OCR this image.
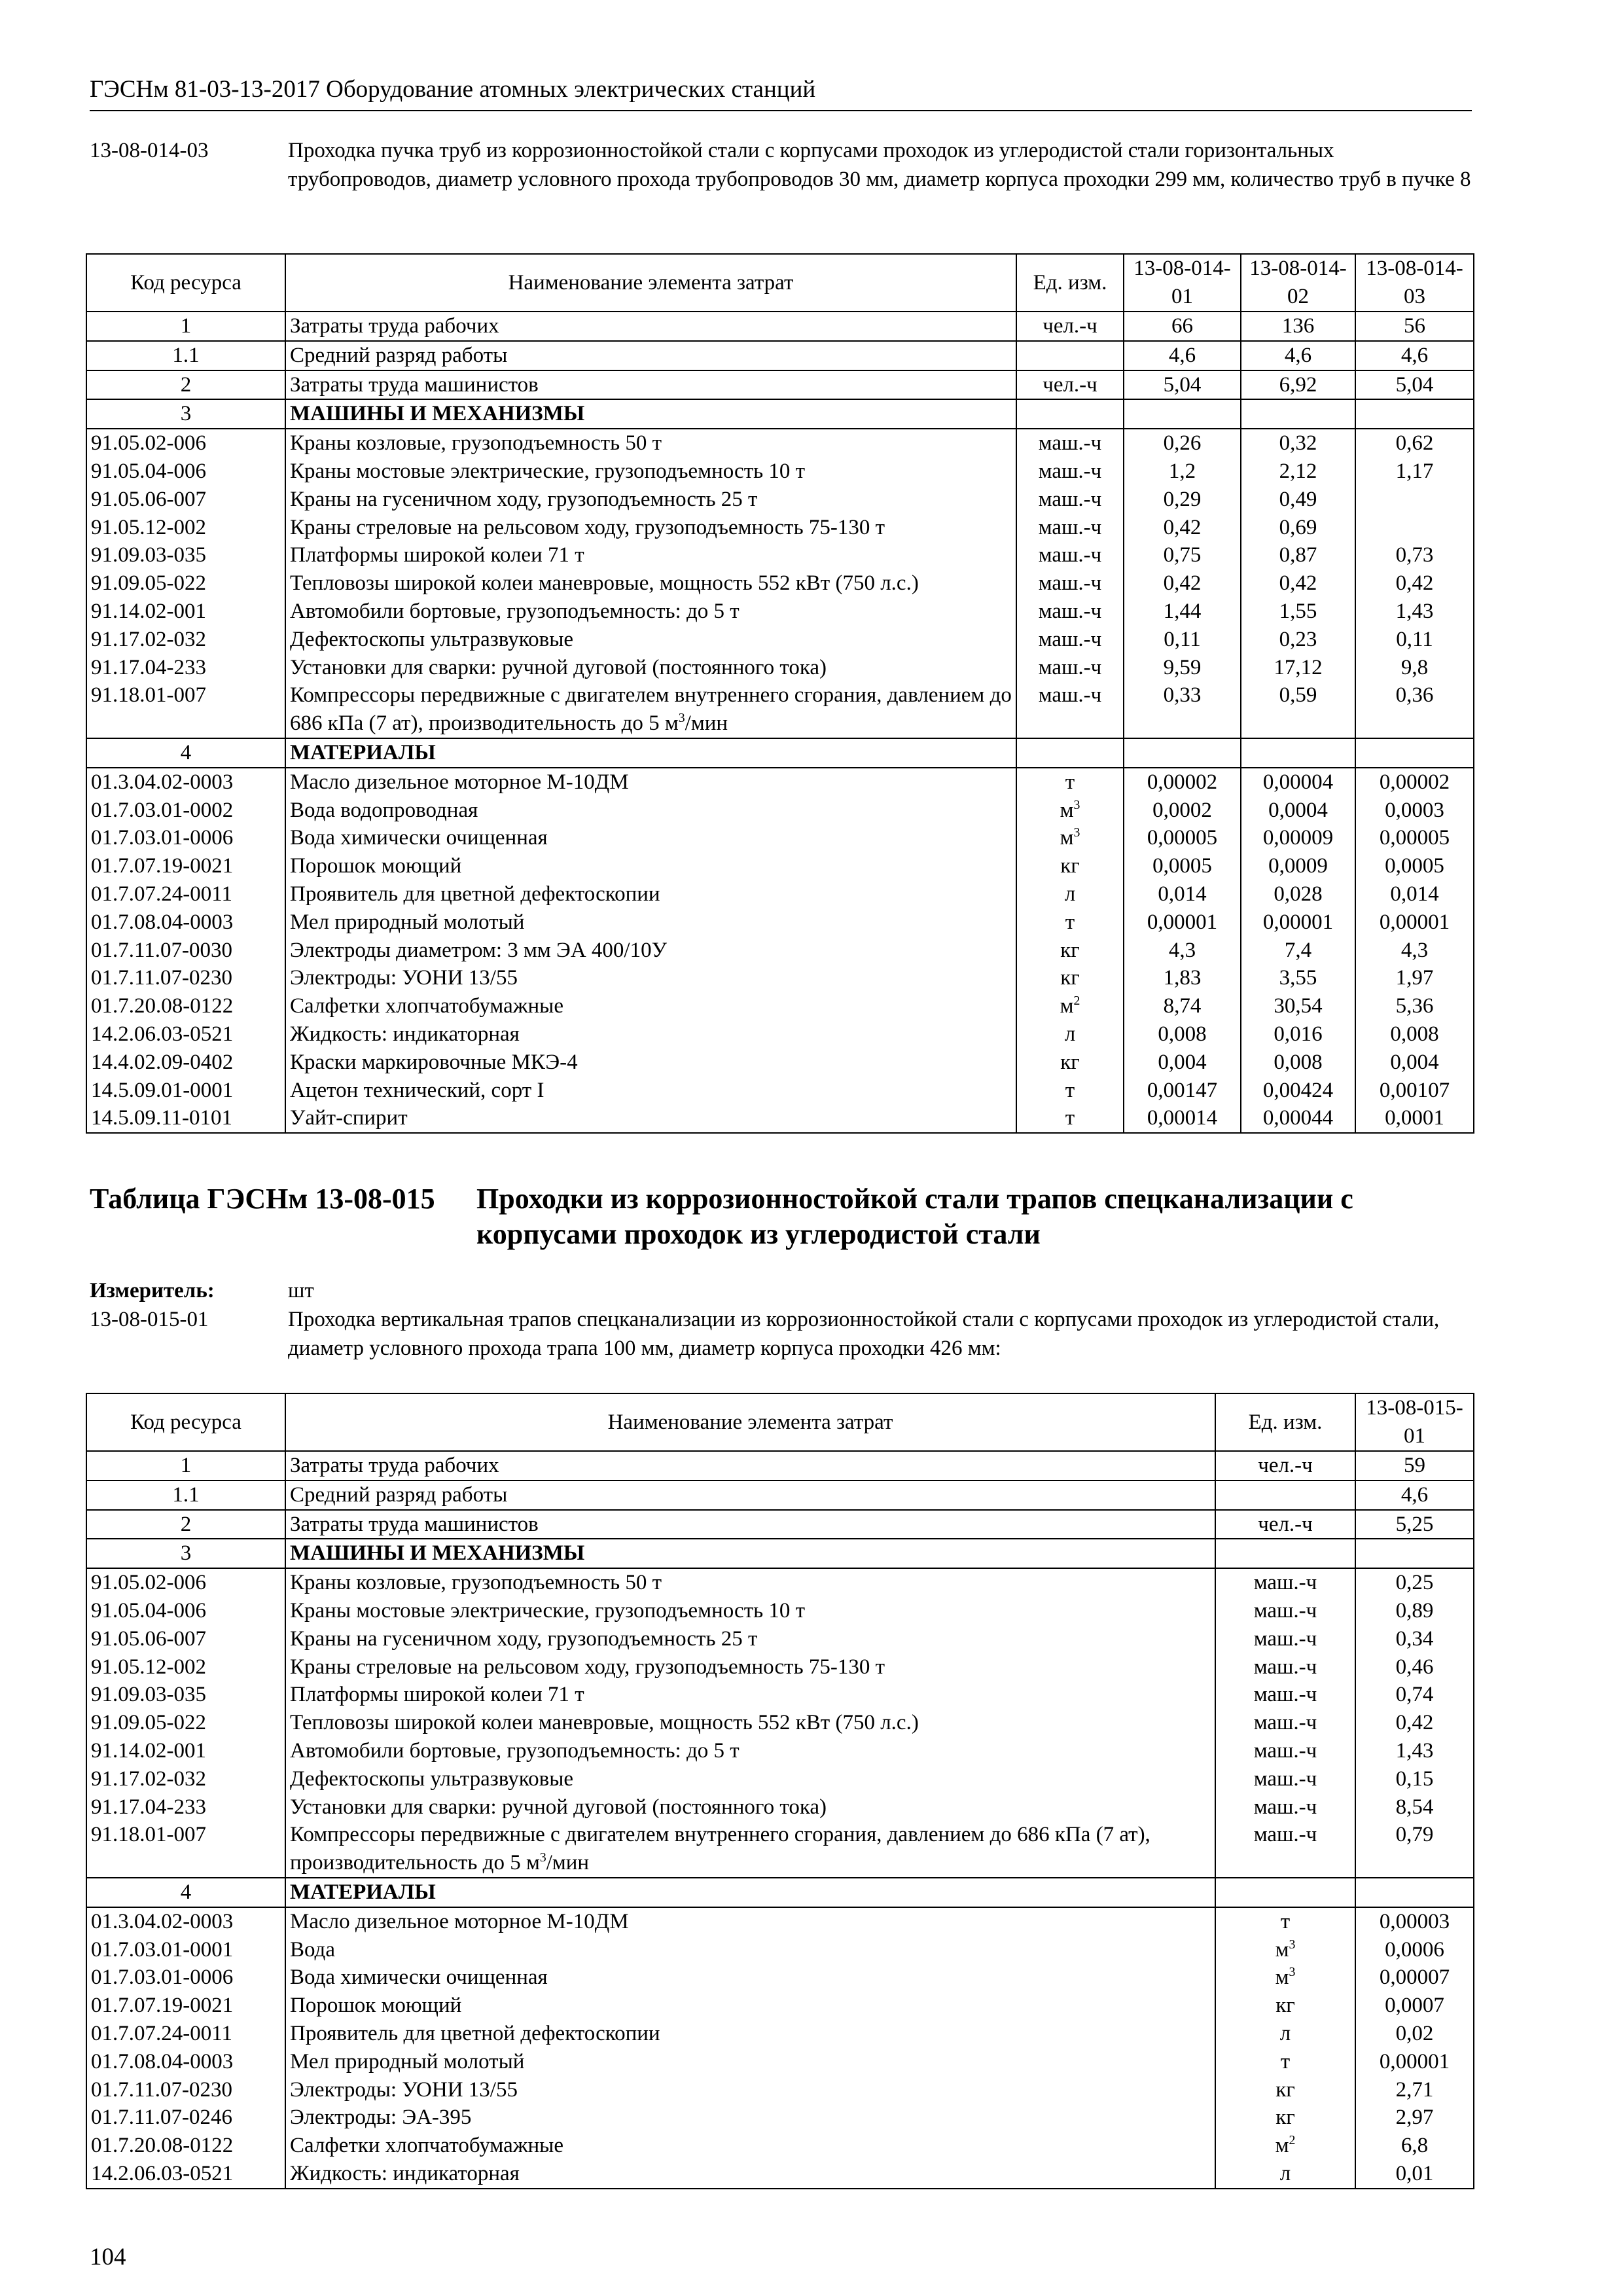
ГЭСНм 81-03-13-2017 Оборудование атомных электрических станций
13-08-014-03	Проходка пучка труб из коррозионностойкой стали с корпусами проходок из углеродистой стали горизонтальных трубопроводов, диаметр условного прохода трубопроводов 30 мм, диаметр корпуса проходки 299 мм, количество труб в пучке 8
Код ресурса	Наименование элемента затрат	Ед. изм.	13-08-014-01	13-08-014-02	13-08-014-03
1	Затраты труда рабочих	чел.-ч	66	136	56
1.1	Средний разряд работы		4,6	4,6	4,6
2	Затраты труда машинистов	чел.-ч	5,04	6,92	5,04
3	МАШИНЫ И МЕХАНИЗМЫ				
91.05.02-006	Краны козловые, грузоподъемность 50 т	маш.-ч	0,26	0,32	0,62
91.05.04-006	Краны мостовые электрические, грузоподъемность 10 т	маш.-ч	1,2	2,12	1,17
91.05.06-007	Краны на гусеничном ходу, грузоподъемность 25 т	маш.-ч	0,29	0,49	
91.05.12-002	Краны стреловые на рельсовом ходу, грузоподъемность 75-130 т	маш.-ч	0,42	0,69	
91.09.03-035	Платформы широкой колеи 71 т	маш.-ч	0,75	0,87	0,73
91.09.05-022	Тепловозы широкой колеи маневровые, мощность 552 кВт (750 л.с.)	маш.-ч	0,42	0,42	0,42
91.14.02-001	Автомобили бортовые, грузоподъемность: до 5 т	маш.-ч	1,44	1,55	1,43
91.17.02-032	Дефектоскопы ультразвуковые	маш.-ч	0,11	0,23	0,11
91.17.04-233	Установки для сварки: ручной дуговой (постоянного тока)	маш.-ч	9,59	17,12	9,8
91.18.01-007	Компрессоры передвижные с двигателем внутреннего сгорания, давлением до 686 кПа (7 ат), производительность до 5 $м^3$/мин	маш.-ч	0,33	0,59	0,36
4	МАТЕРИАЛЫ				
01.3.04.02-0003	Масло дизельное моторное М-10ДМ	т	0,00002	0,00004	0,00002
01.7.03.01-0002	Вода водопроводная	$м^3$	0,0002	0,0004	0,0003
01.7.03.01-0006	Вода химически очищенная	$м^3$	0,00005	0,00009	0,00005
01.7.07.19-0021	Порошок моющий	кг	0,0005	0,0009	0,0005
01.7.07.24-0011	Проявитель для цветной дефектоскопии	л	0,014	0,028	0,014
01.7.08.04-0003	Мел природный молотый	т	0,00001	0,00001	0,00001
01.7.11.07-0030	Электроды диаметром: 3 мм ЭА 400/10У	кг	4,3	7,4	4,3
01.7.11.07-0230	Электроды: УОНИ 13/55	кг	1,83	3,55	1,97
01.7.20.08-0122	Салфетки хлопчатобумажные	$м^2$	8,74	30,54	5,36
14.2.06.03-0521	Жидкость: индикаторная	л	0,008	0,016	0,008
14.4.02.09-0402	Краски маркировочные МКЭ-4	кг	0,004	0,008	0,004
14.5.09.01-0001	Ацетон технический, сорт I	т	0,00147	0,00424	0,00107
14.5.09.11-0101	Уайт-спирит	т	0,00014	0,00044	0,0001
Таблица ГЭСНм 13-08-015	Проходки из коррозионностойкой стали трапов спецканализации с корпусами проходок из углеродистой стали
Измеритель:	шт
13-08-015-01	Проходка вертикальная трапов спецканализации из коррозионностойкой стали с корпусами проходок из углеродистой стали, диаметр условного прохода трапа 100 мм, диаметр корпуса проходки 426 мм:
Код ресурса	Наименование элемента затрат	Ед. изм.	13-08-015-01
1	Затраты труда рабочих	чел.-ч	59
1.1	Средний разряд работы		4,6
2	Затраты труда машинистов	чел.-ч	5,25
3	МАШИНЫ И МЕХАНИЗМЫ		
91.05.02-006	Краны козловые, грузоподъемность 50 т	маш.-ч	0,25
91.05.04-006	Краны мостовые электрические, грузоподъемность 10 т	маш.-ч	0,89
91.05.06-007	Краны на гусеничном ходу, грузоподъемность 25 т	маш.-ч	0,34
91.05.12-002	Краны стреловые на рельсовом ходу, грузоподъемность 75-130 т	маш.-ч	0,46
91.09.03-035	Платформы широкой колеи 71 т	маш.-ч	0,74
91.09.05-022	Тепловозы широкой колеи маневровые, мощность 552 кВт (750 л.с.)	маш.-ч	0,42
91.14.02-001	Автомобили бортовые, грузоподъемность: до 5 т	маш.-ч	1,43
91.17.02-032	Дефектоскопы ультразвуковые	маш.-ч	0,15
91.17.04-233	Установки для сварки: ручной дуговой (постоянного тока)	маш.-ч	8,54
91.18.01-007	Компрессоры передвижные с двигателем внутреннего сгорания, давлением до 686 кПа (7 ат), производительность до 5 $м^3$/мин	маш.-ч	0,79
4	МАТЕРИАЛЫ		
01.3.04.02-0003	Масло дизельное моторное М-10ДМ	т	0,00003
01.7.03.01-0001	Вода	$м^3$	0,0006
01.7.03.01-0006	Вода химически очищенная	$м^3$	0,00007
01.7.07.19-0021	Порошок моющий	кг	0,0007
01.7.07.24-0011	Проявитель для цветной дефектоскопии	л	0,02
01.7.08.04-0003	Мел природный молотый	т	0,00001
01.7.11.07-0230	Электроды: УОНИ 13/55	кг	2,71
01.7.11.07-0246	Электроды: ЭА-395	кг	2,97
01.7.20.08-0122	Салфетки хлопчатобумажные	$м^2$	6,8
14.2.06.03-0521	Жидкость: индикаторная	л	0,01
104
